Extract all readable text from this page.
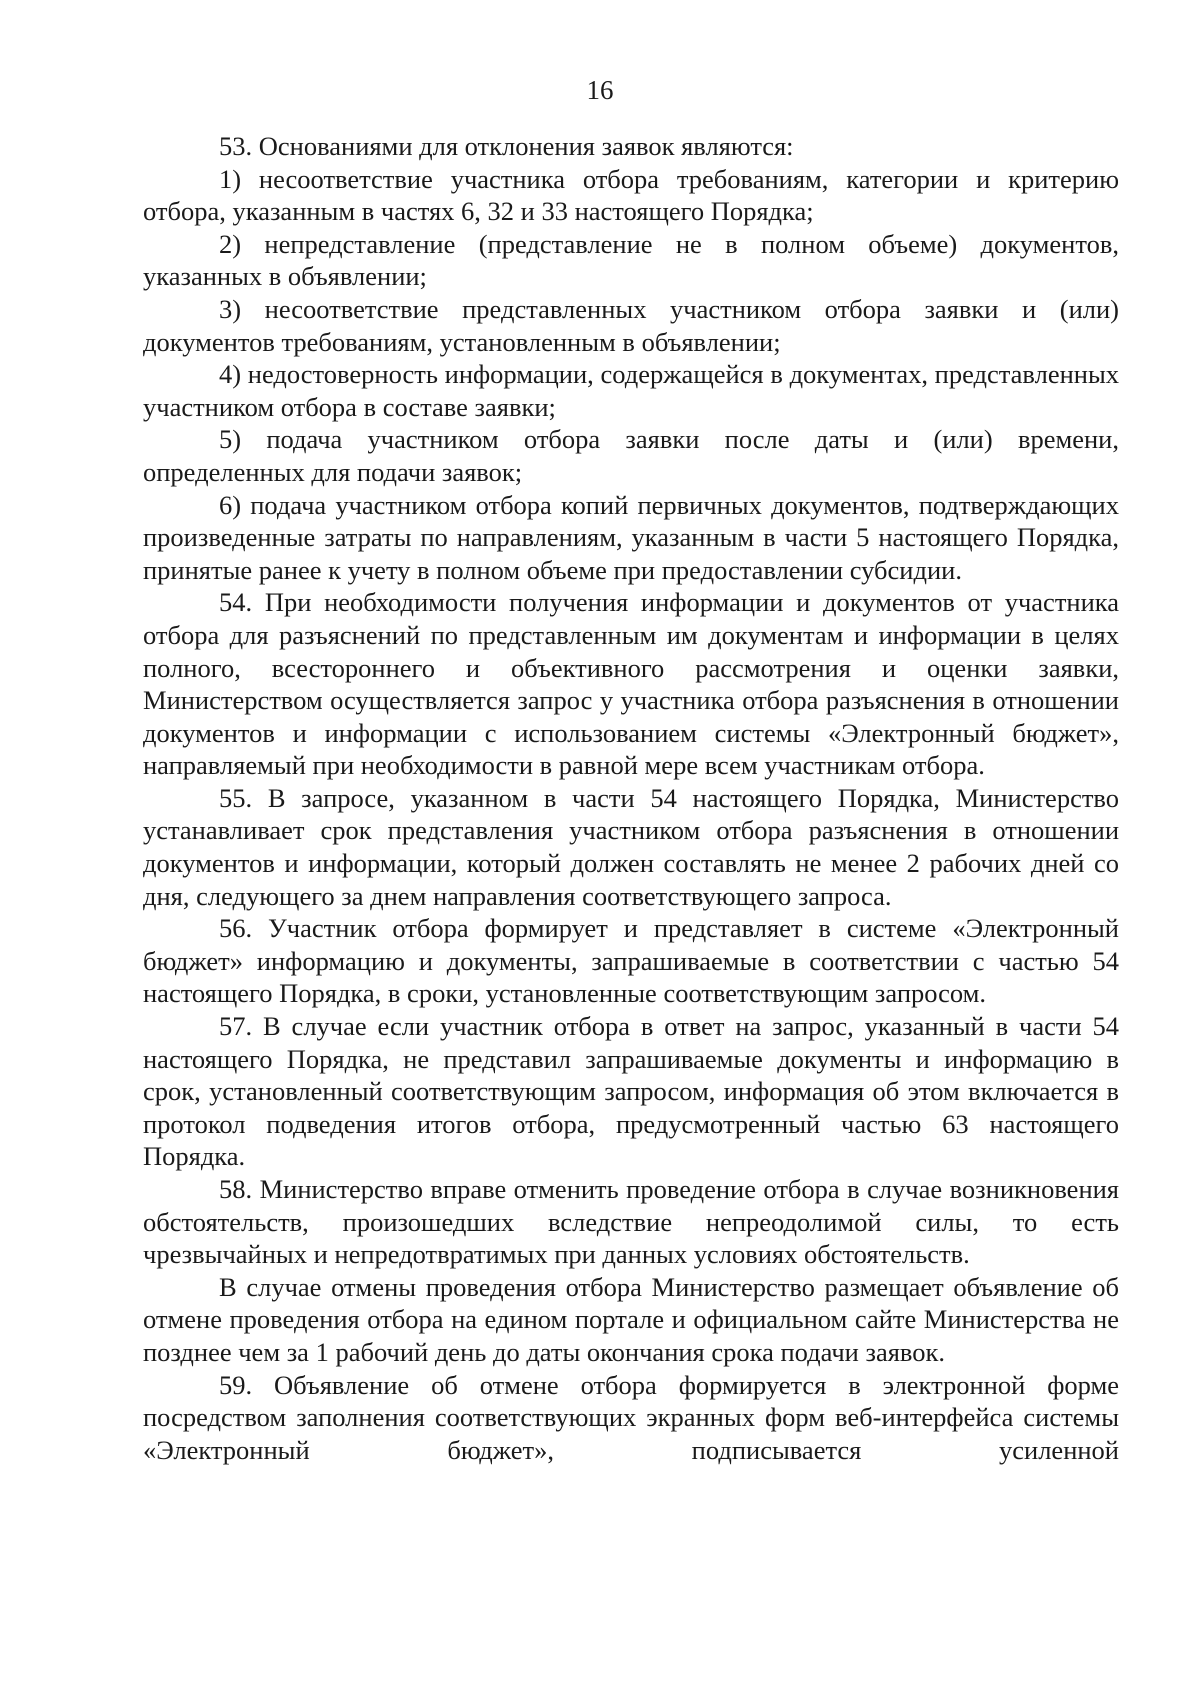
16

53. Основаниями для отклонения заявок являются:

1) несоответствие участника отбора требованиям, категории и критерию отбора, указанным в частях 6, 32 и 33 настоящего Порядка;

2) непредставление (представление не в полном объеме) документов, указанных в объявлении;

3) несоответствие представленных участником отбора заявки и (или) документов требованиям, установленным в объявлении;

4) недостоверность информации, содержащейся в документах, представленных участником отбора в составе заявки;

5) подача участником отбора заявки после даты и (или) времени, определенных для подачи заявок;

6) подача участником отбора копий первичных документов, подтверждающих произведенные затраты по направлениям, указанным в части 5 настоящего Порядка, принятые ранее к учету в полном объеме при предоставлении субсидии.

54. При необходимости получения информации и документов от участника отбора для разъяснений по представленным им документам и информации в целях полного, всестороннего и объективного рассмотрения и оценки заявки, Министерством осуществляется запрос у участника отбора разъяснения в отношении документов и информации с использованием системы «Электронный бюджет», направляемый при необходимости в равной мере всем участникам отбора.

55. В запросе, указанном в части 54 настоящего Порядка, Министерство устанавливает срок представления участником отбора разъяснения в отношении документов и информации, который должен составлять не менее 2 рабочих дней со дня, следующего за днем направления соответствующего запроса.

56. Участник отбора формирует и представляет в системе «Электронный бюджет» информацию и документы, запрашиваемые в соответствии с частью 54 настоящего Порядка, в сроки, установленные соответствующим запросом.

57. В случае если участник отбора в ответ на запрос, указанный в части 54 настоящего Порядка, не представил запрашиваемые документы и информацию в срок, установленный соответствующим запросом, информация об этом включается в протокол подведения итогов отбора, предусмотренный частью 63 настоящего Порядка.

58. Министерство вправе отменить проведение отбора в случае возникновения обстоятельств, произошедших вследствие непреодолимой силы, то есть чрезвычайных и непредотвратимых при данных условиях обстоятельств.

В случае отмены проведения отбора Министерство размещает объявление об отмене проведения отбора на едином портале и официальном сайте Министерства не позднее чем за 1 рабочий день до даты окончания срока подачи заявок.

59. Объявление об отмене отбора формируется в электронной форме посредством заполнения соответствующих экранных форм веб-интерфейса системы «Электронный бюджет», подписывается усиленной
